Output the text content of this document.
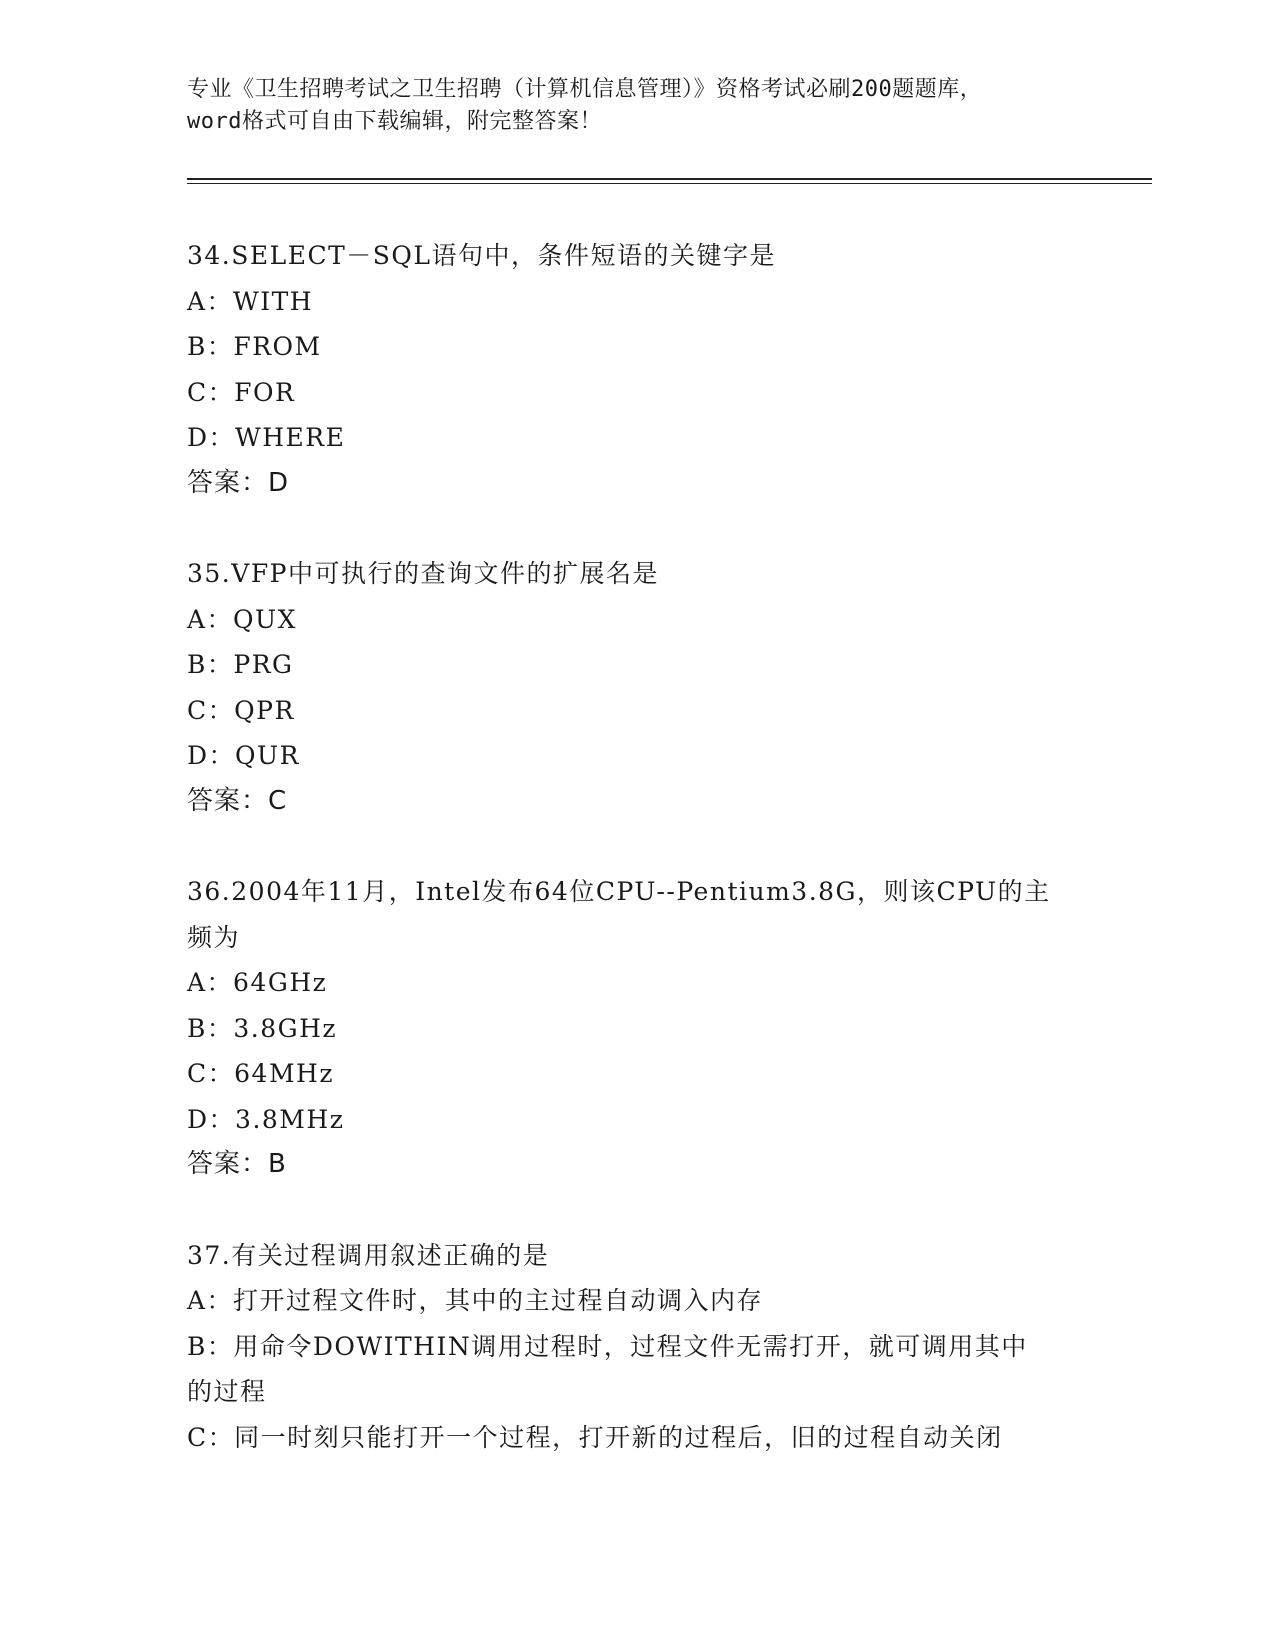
专业《卫生招聘考试之卫生招聘（计算机信息管理）》资格考试必刷200题题库，
word格式可自由下载编辑，附完整答案！
34.SELECT－SQL语句中，条件短语的关键字是
A：WITH
B：FROM
C：FOR
D：WHERE
答案：D
35.VFP中可执行的查询文件的扩展名是
A：QUX
B：PRG
C：QPR
D：QUR
答案：C
36.2004年11月，Intel发布64位CPU--Pentium3.8G，则该CPU的主
频为
A：64GHz
B：3.8GHz
C：64MHz
D：3.8MHz
答案：B
37.有关过程调用叙述正确的是
A：打开过程文件时，其中的主过程自动调入内存
B：用命令DOWITHIN调用过程时，过程文件无需打开，就可调用其中
的过程
C：同一时刻只能打开一个过程，打开新的过程后，旧的过程自动关闭
